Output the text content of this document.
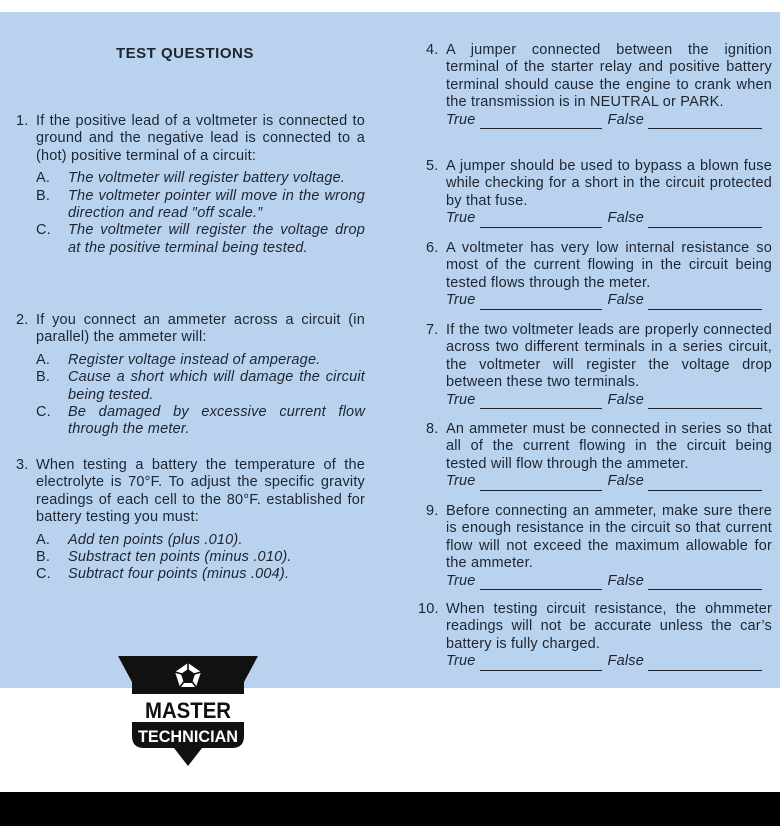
TEST QUESTIONS
1. If the positive lead of a voltmeter is connected to ground and the negative lead is connected to a (hot) positive terminal of a circuit:
A. The voltmeter will register battery voltage.
B. The voltmeter pointer will move in the wrong direction and read ″off scale.″
C. The voltmeter will register the voltage drop at the positive terminal being tested.
2. If you connect an ammeter across a circuit (in parallel) the ammeter will:
A. Register voltage instead of amperage.
B. Cause a short which will damage the circuit being tested.
C. Be damaged by excessive current flow through the meter.
3. When testing a battery the temperature of the electrolyte is 70°F. To adjust the specific gravity readings of each cell to the 80°F. established for battery testing you must:
A. Add ten points (plus .010).
B. Substract ten points (minus .010).
C. Subtract four points (minus .004).
4. A jumper connected between the ignition terminal of the starter relay and positive battery terminal should cause the engine to crank when the transmission is in NEUTRAL or PARK.
True	False
5. A jumper should be used to bypass a blown fuse while checking for a short in the circuit protected by that fuse.
True	False
6. A voltmeter has very low internal resistance so most of the current flowing in the circuit being tested flows through the meter.
True	False
7. If the two voltmeter leads are properly connected across two different terminals in a series circuit, the voltmeter will register the voltage drop between these two terminals.
True	False
8. An ammeter must be connected in series so that all of the current flowing in the circuit being tested will flow through the ammeter.
True	False
9. Before connecting an ammeter, make sure there is enough resistance in the circuit so that current flow will not exceed the maximum allowable for the ammeter.
True	False
10. When testing circuit resistance, the ohmmeter readings will not be accurate unless the car’s battery is fully charged.
True	False
MASTER
TECHNICIAN
